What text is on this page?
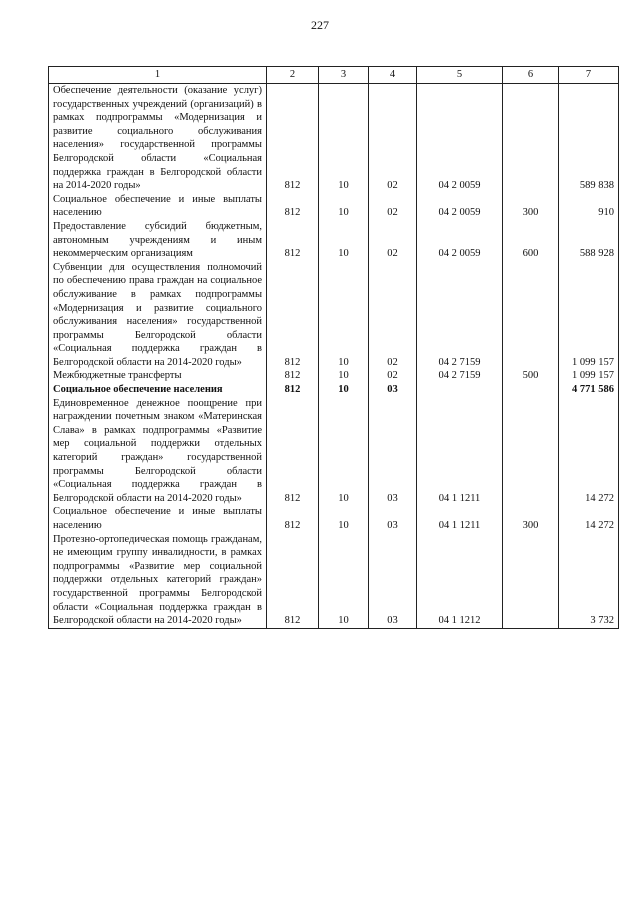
227
1	2	3	4	5	6	7
Обеспечение деятельности (оказание услуг) государственных учреждений (организаций) в рамках подпрограммы «Модернизация и развитие социального обслуживания населения» государственной программы Белгородской области «Социальная поддержка граждан в Белгородской области на 2014-2020 годы»	812	10	02	04 2 0059		589 838
Социальное обеспечение и иные выплаты населению	812	10	02	04 2 0059	300	910
Предоставление субсидий бюджетным, автономным учреждениям и иным некоммерческим организациям	812	10	02	04 2 0059	600	588 928
Субвенции для осуществления полномочий по обеспечению права граждан на социальное обслуживание в рамках подпрограммы «Модернизация и развитие социального обслуживания населения» государственной программы Белгородской области «Социальная поддержка граждан в Белгородской области на 2014-2020 годы»	812	10	02	04 2 7159		1 099 157
Межбюджетные трансферты	812	10	02	04 2 7159	500	1 099 157
Социальное обеспечение населения	812	10	03			4 771 586
Единовременное денежное поощрение при награждении почетным знаком «Материнская Слава» в рамках подпрограммы «Развитие мер социальной поддержки отдельных категорий граждан» государственной программы Белгородской области «Социальная поддержка граждан в Белгородской области на 2014-2020 годы»	812	10	03	04 1 1211		14 272
Социальное обеспечение и иные выплаты населению	812	10	03	04 1 1211	300	14 272
Протезно-ортопедическая помощь гражданам, не имеющим группу инвалидности, в рамках подпрограммы «Развитие мер социальной поддержки отдельных категорий граждан» государственной программы Белгородской области «Социальная поддержка граждан в Белгородской области на 2014-2020 годы»	812	10	03	04 1 1212		3 732
